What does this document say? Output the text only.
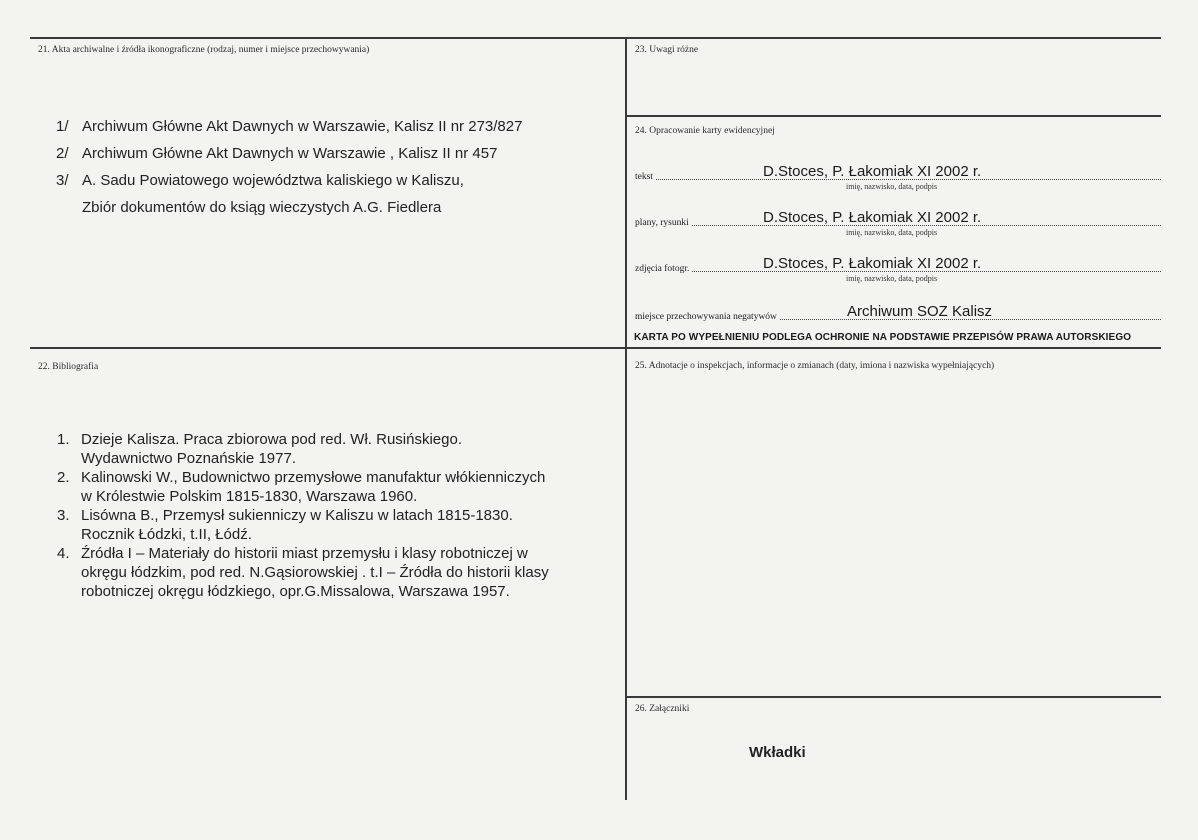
21. Akta archiwalne i źródła ikonograficzne (rodzaj, numer i miejsce przechowywania)
1/ Archiwum Główne Akt Dawnych w Warszawie, Kalisz II nr 273/827
2/ Archiwum Główne Akt Dawnych w Warszawie , Kalisz II nr 457
3/ A. Sadu Powiatowego województwa kaliskiego w Kaliszu,
Zbiór dokumentów do ksiąg wieczystych A.G. Fiedlera
22. Bibliografia
1. Dzieje Kalisza. Praca zbiorowa pod red. Wł. Rusińskiego.
Wydawnictwo Poznańskie 1977.
2. Kalinowski W., Budownictwo przemysłowe manufaktur włókienniczych
w Królestwie Polskim 1815-1830, Warszawa 1960.
3. Lisówna B., Przemysł sukienniczy w Kaliszu w latach 1815-1830.
Rocznik Łódzki, t.II, Łódź.
4. Źródła I – Materiały do historii miast przemysłu i klasy robotniczej w
okręgu łódzkim, pod red. N.Gąsiorowskiej . t.I – Źródła do historii klasy
robotniczej okręgu łódzkiego, opr.G.Missalowa, Warszawa 1957.
23. Uwagi różne
24. Opracowanie karty ewidencyjnej
tekst	D.Stoces, P. Łakomiak XI 2002 r.
imię, nazwisko, data, podpis
plany, rysunki	D.Stoces, P. Łakomiak XI 2002 r.
imię, nazwisko, data, podpis
zdjęcia fotogr.	D.Stoces, P. Łakomiak XI 2002 r.
imię, nazwisko, data, podpis
miejsce przechowywania negatywów	Archiwum SOZ Kalisz
KARTA PO WYPEŁNIENIU PODLEGA OCHRONIE NA PODSTAWIE PRZEPISÓW PRAWA AUTORSKIEGO
25. Adnotacje o inspekcjach, informacje o zmianach (daty, imiona i nazwiska wypełniających)
26. Załączniki
Wkładki
